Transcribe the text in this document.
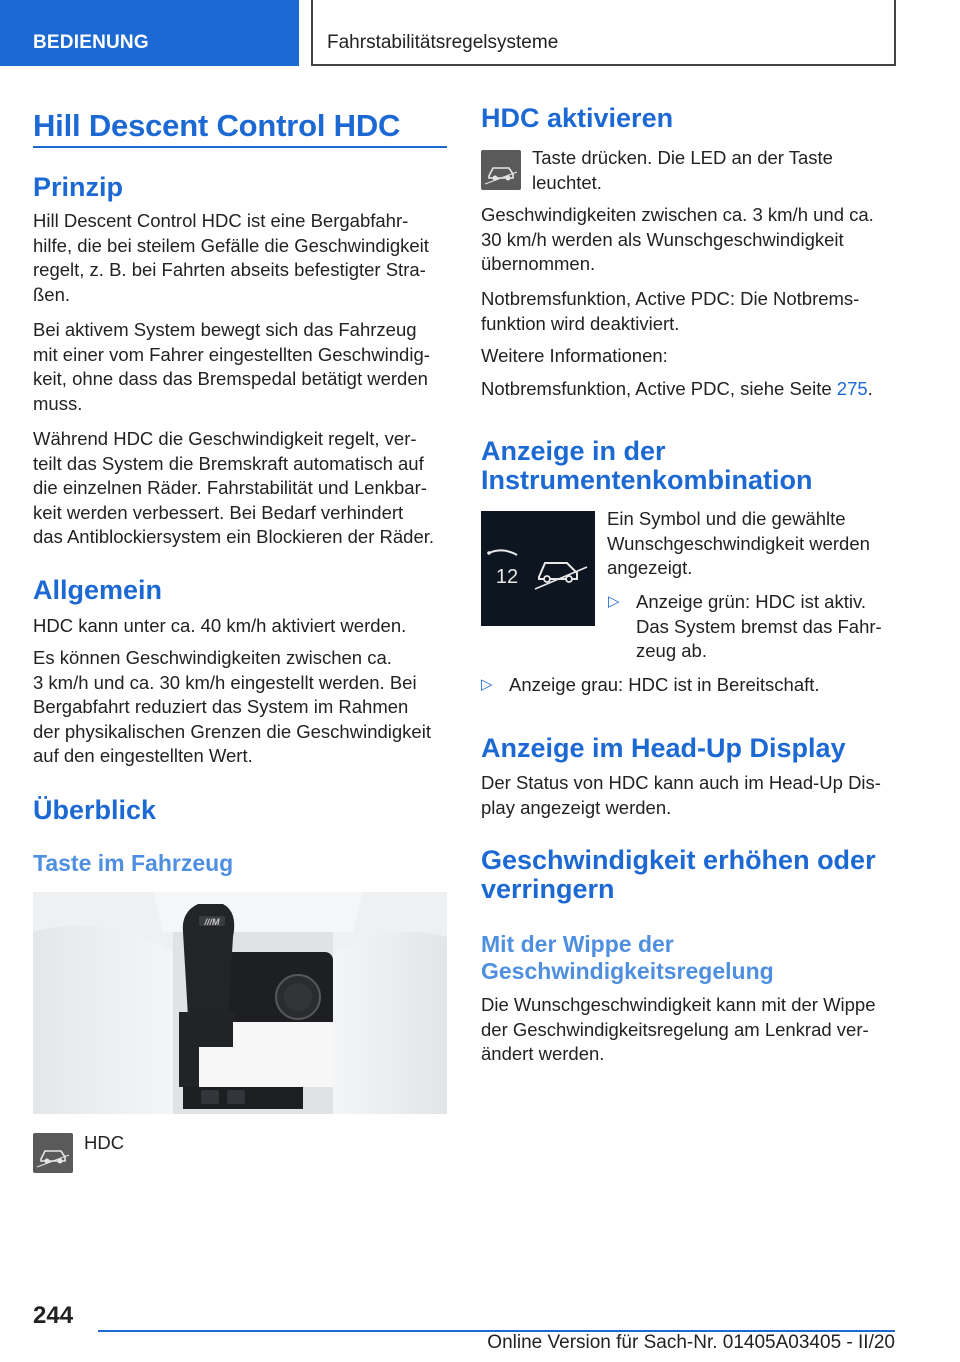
BEDIENUNG	Fahrstabilitätsregelsysteme
Hill Descent Control HDC
Prinzip

Hill Descent Control HDC ist eine Bergabfahr-
hilfe, die bei steilem Gefälle die Geschwindigkeit
regelt, z. B. bei Fahrten abseits befestigter Stra-
ßen.

Bei aktivem System bewegt sich das Fahrzeug
mit einer vom Fahrer eingestellten Geschwindig-
keit, ohne dass das Bremspedal betätigt werden
muss.

Während HDC die Geschwindigkeit regelt, ver-
teilt das System die Bremskraft automatisch auf
die einzelnen Räder. Fahrstabilität und Lenkbar-
keit werden verbessert. Bei Bedarf verhindert
das Antiblockiersystem ein Blockieren der Räder.

Allgemein

HDC kann unter ca. 40 km/h aktiviert werden.

Es können Geschwindigkeiten zwischen ca.
3 km/h und ca. 30 km/h eingestellt werden. Bei
Bergabfahrt reduziert das System im Rahmen
der physikalischen Grenzen die Geschwindigkeit
auf den eingestellten Wert.

Überblick
Taste im Fahrzeug
///M

HDC

HDC aktivieren

Taste drücken. Die LED an der Taste
leuchtet.

Geschwindigkeiten zwischen ca. 3 km/h und ca.
30 km/h werden als Wunschgeschwindigkeit
übernommen.

Notbremsfunktion, Active PDC: Die Notbrems-
funktion wird deaktiviert.

Weitere Informationen:

Notbremsfunktion, Active PDC, siehe Seite 275.

Anzeige in der
Instrumentenkombination
12

Ein Symbol und die gewählte
Wunschgeschwindigkeit werden
angezeigt.

▷ Anzeige grün: HDC ist aktiv.
Das System bremst das Fahr-
zeug ab.
▷ Anzeige grau: HDC ist in Bereitschaft.
Anzeige im Head-Up Display

Der Status von HDC kann auch im Head-Up Dis-
play angezeigt werden.

Geschwindigkeit erhöhen oder
verringern
Mit der Wippe der
Geschwindigkeitsregelung

Die Wunschgeschwindigkeit kann mit der Wippe
der Geschwindigkeitsregelung am Lenkrad ver-
ändert werden.

244
Online Version für Sach-Nr. 01405A03405 - II/20
